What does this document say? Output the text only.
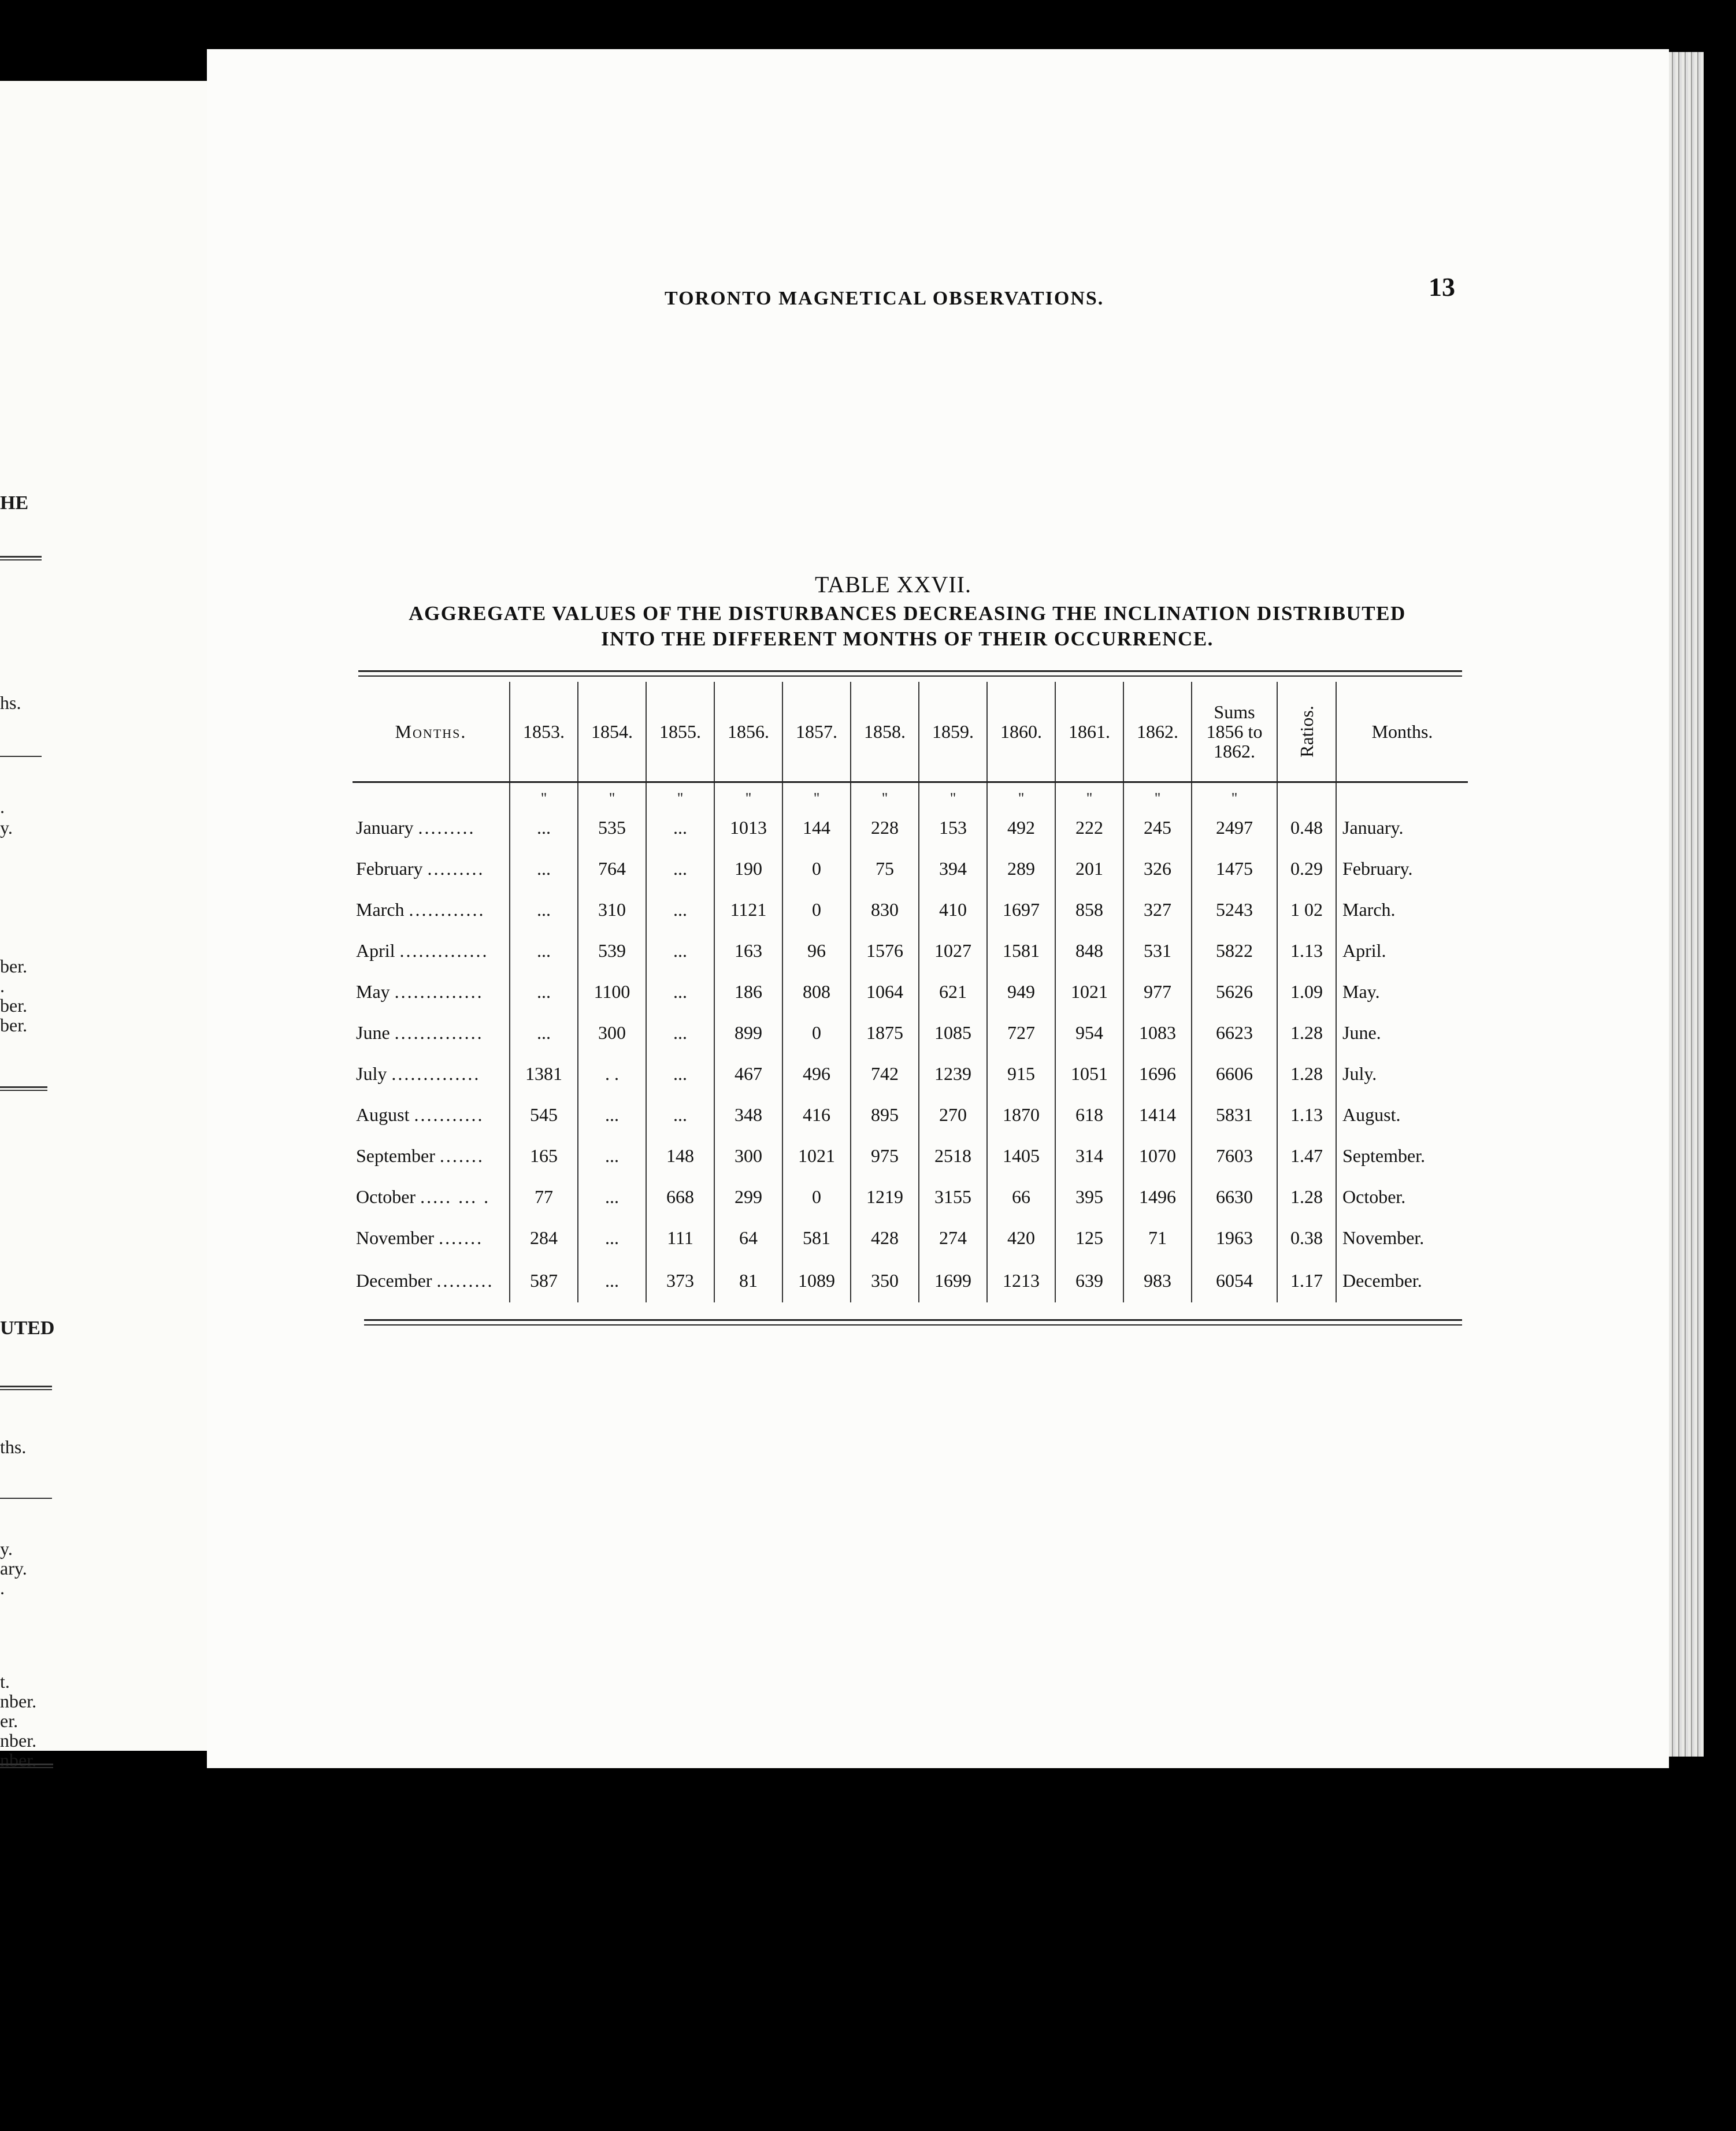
HE
hs.
.
y.
ber.
.
ber.
ber.
UTED
ths.
y.
ary.
.
t.
nber.
er.
nber.
nber.
TORONTO MAGNETICAL OBSERVATIONS.	13
TABLE XXVII.
AGGREGATE VALUES OF THE DISTURBANCES DECREASING THE INCLINATION DISTRIBUTED
INTO THE DIFFERENT MONTHS OF THEIR OCCURRENCE.
Months.	1853.	1854.	1855.	1856.	1857.	1858.	1859.	1860.	1861.	1862.	Sums 1856 to 1862.	Ratios.	Months.
	"	"	"	"	"	"	"	"	"	"	"		
January .........	...	535	...	1013	144	228	153	492	222	245	2497	0.48	January.
February .........	...	764	...	190	0	75	394	289	201	326	1475	0.29	February.
March ............	...	310	...	1121	0	830	410	1697	858	327	5243	1 02	March.
April ..............	...	539	...	163	96	1576	1027	1581	848	531	5822	1.13	April.
May ..............	...	1100	...	186	808	1064	621	949	1021	977	5626	1.09	May.
June ..............	...	300	...	899	0	1875	1085	727	954	1083	6623	1.28	June.
July ..............	1381	. .	...	467	496	742	1239	915	1051	1696	6606	1.28	July.
August ...........	545	...	...	348	416	895	270	1870	618	1414	5831	1.13	August.
September .......	165	...	148	300	1021	975	2518	1405	314	1070	7603	1.47	September.
October ..... ... .	77	...	668	299	0	1219	3155	66	395	1496	6630	1.28	October.
November .......	284	...	111	64	581	428	274	420	125	71	1963	0.38	November.
December .........	587	...	373	81	1089	350	1699	1213	639	983	6054	1.17	December.
